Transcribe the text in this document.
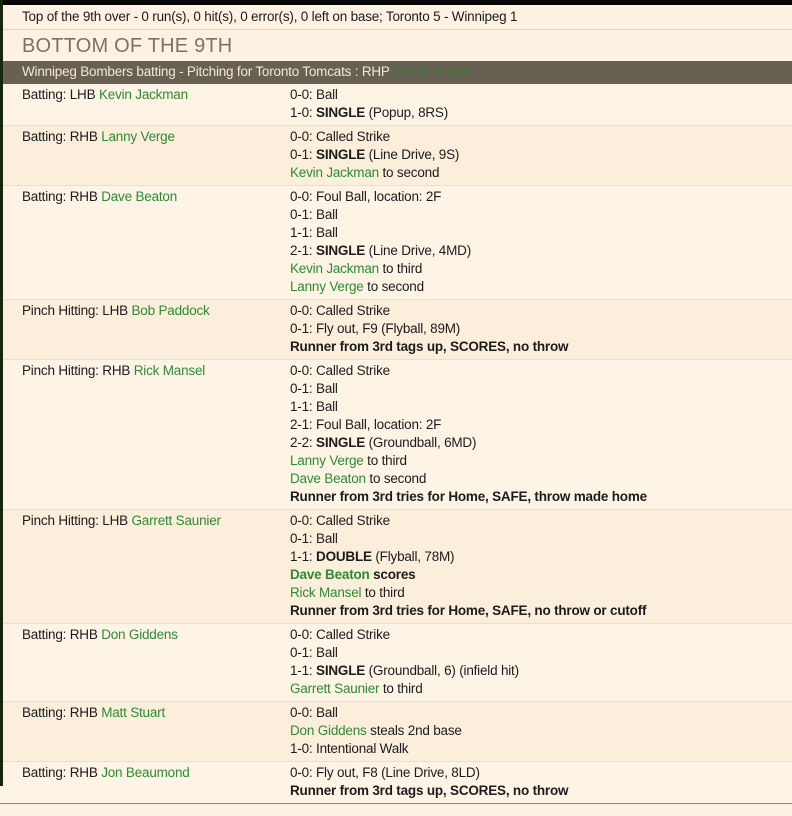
Top of the 9th over - 0 run(s), 0 hit(s), 0 error(s), 0 left on base; Toronto 5 - Winnipeg 1
BOTTOM OF THE 9TH
Winnipeg Bombers batting - Pitching for Toronto Tomcats : RHP Tim Arsenault
Batting: LHB Kevin Jackman	0-0: Ball
1-0: SINGLE (Popup, 8RS)
Batting: RHB Lanny Verge	0-0: Called Strike
0-1: SINGLE (Line Drive, 9S)
Kevin Jackman to second
Batting: RHB Dave Beaton	0-0: Foul Ball, location: 2F
0-1: Ball
1-1: Ball
2-1: SINGLE (Line Drive, 4MD)
Kevin Jackman to third
Lanny Verge to second
Pinch Hitting: LHB Bob Paddock	0-0: Called Strike
0-1: Fly out, F9 (Flyball, 89M)
Runner from 3rd tags up, SCORES, no throw
Pinch Hitting: RHB Rick Mansel	0-0: Called Strike
0-1: Ball
1-1: Ball
2-1: Foul Ball, location: 2F
2-2: SINGLE (Groundball, 6MD)
Lanny Verge to third
Dave Beaton to second
Runner from 3rd tries for Home, SAFE, throw made home
Pinch Hitting: LHB Garrett Saunier	0-0: Called Strike
0-1: Ball
1-1: DOUBLE (Flyball, 78M)
Dave Beaton scores
Rick Mansel to third
Runner from 3rd tries for Home, SAFE, no throw or cutoff
Batting: RHB Don Giddens	0-0: Called Strike
0-1: Ball
1-1: SINGLE (Groundball, 6) (infield hit)
Garrett Saunier to third
Batting: RHB Matt Stuart	0-0: Ball
Don Giddens steals 2nd base
1-0: Intentional Walk
Batting: RHB Jon Beaumond	0-0: Fly out, F8 (Line Drive, 8LD)
Runner from 3rd tags up, SCORES, no throw
